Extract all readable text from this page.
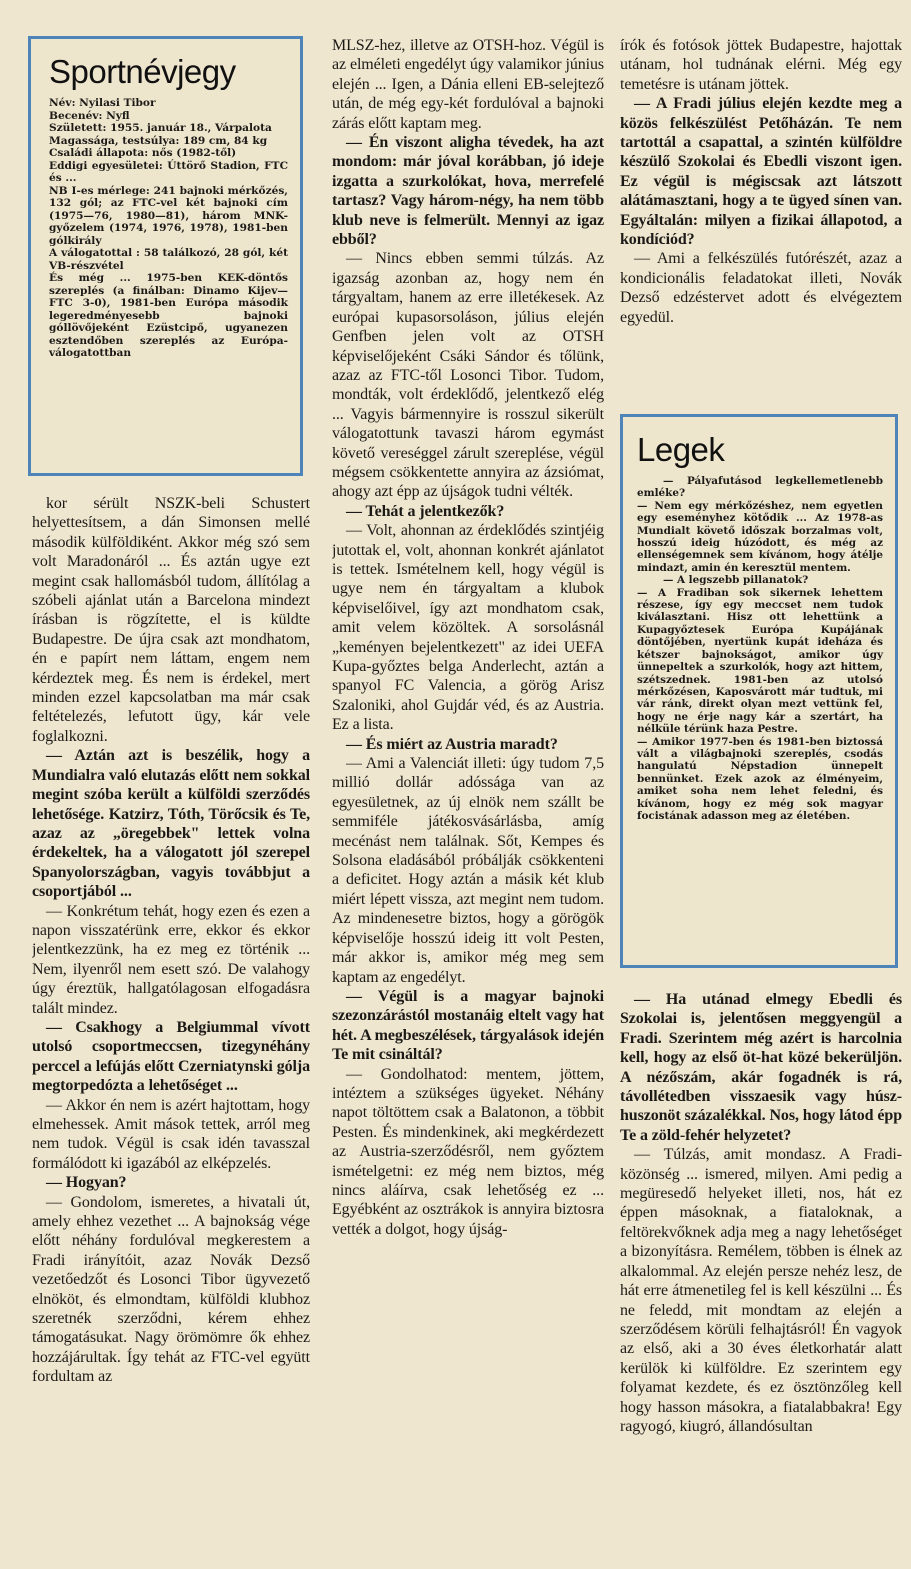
Sportnévjegy

Név: Nyilasi Tibor

Becenév: Nyfl

Született: 1955. január 18., Várpalota

Magassága, testsúlya: 189 cm, 84 kg

Családi állapota: nős (1982-től)

Eddigi egyesületei: Úttörő Stadion, FTC és ...

NB I-es mérlege: 241 bajnoki mérkőzés, 132 gól; az FTC-vel két bajnoki cím (1975—76, 1980—81), három MNK-győzelem (1974, 1976, 1978), 1981-ben gólkirály

A válogatottal : 58 találkozó, 28 gól, két VB-részvétel

És még ... 1975-ben KEK-döntős szereplés (a finálban: Dinamo Kijev—FTC 3-0), 1981-ben Európa második legeredményesebb bajnoki góllövőjeként Ezüstcipő, ugyanezen esztendőben szereplés az Európa-válogatottban

kor sérült NSZK-beli Schustert helyettesítsem, a dán Simonsen mellé második külföldiként. Akkor még szó sem volt Maradonáról ... És aztán ugye ezt megint csak hallomásból tudom, állítólag a szóbeli ajánlat után a Barcelona mindezt írásban is rögzítette, el is küldte Budapestre. De újra csak azt mondhatom, én e papírt nem láttam, engem nem kérdeztek meg. És nem is érdekel, mert minden ezzel kapcsolatban ma már csak feltételezés, lefutott ügy, kár vele foglalkozni.

— Aztán azt is beszélik, hogy a Mundialra való elutazás előtt nem sokkal megint szóba került a külföldi szerződés lehetősége. Katzirz, Tóth, Törőcsik és Te, azaz az „öregebbek" lettek volna érdekeltek, ha a válogatott jól szerepel Spanyolországban, vagyis továbbjut a csoportjából ...

— Konkrétum tehát, hogy ezen és ezen a napon visszatérünk erre, ekkor és ekkor jelentkezzünk, ha ez meg ez történik ... Nem, ilyenről nem esett szó. De valahogy úgy éreztük, hallgatólagosan elfogadásra talált mindez.

— Csakhogy a Belgiummal vívott utolsó csoportmeccsen, tizegynéhány perccel a lefújás előtt Czerniatynski gólja megtorpedózta a lehetőséget ...

— Akkor én nem is azért hajtottam, hogy elmehessek. Amit mások tettek, arról meg nem tudok. Végül is csak idén tavasszal formálódott ki igazából az elképzelés.

— Hogyan?

— Gondolom, ismeretes, a hivatali út, amely ehhez vezethet ... A bajnokság vége előtt néhány fordulóval megkerestem a Fradi irányítóit, azaz Novák Dezső vezetőedzőt és Losonci Tibor ügyvezető elnököt, és elmondtam, külföldi klubhoz szeretnék szerződni, kérem ehhez támogatásukat. Nagy örömömre ők ehhez hozzájárultak. Így tehát az FTC-vel együtt fordultam az

MLSZ-hez, illetve az OTSH-hoz. Végül is az elméleti engedélyt úgy valamikor június elején ... Igen, a Dánia elleni EB-selejtező után, de még egy-két fordulóval a bajnoki zárás előtt kaptam meg.

— Én viszont aligha tévedek, ha azt mondom: már jóval korábban, jó ideje izgatta a szurkolókat, hova, merrefelé tartasz? Vagy három-négy, ha nem több klub neve is felmerült. Mennyi az igaz ebből?

— Nincs ebben semmi túlzás. Az igazság azonban az, hogy nem én tárgyaltam, hanem az erre illetékesek. Az európai kupasorsoláson, július elején Genfben jelen volt az OTSH képviselőjeként Csáki Sándor és tőlünk, azaz az FTC-től Losonci Tibor. Tudom, mondták, volt érdeklődő, jelentkező elég ... Vagyis bármennyire is rosszul sikerült válogatottunk tavaszi három egymást követő vereséggel zárult szereplése, végül mégsem csökkentette annyira az ázsiómat, ahogy azt épp az újságok tudni vélték.

— Tehát a jelentkezők?

— Volt, ahonnan az érdeklődés szintjéig jutottak el, volt, ahonnan konkrét ajánlatot is tettek. Ismételnem kell, hogy végül is ugye nem én tárgyaltam a klubok képviselőivel, így azt mondhatom csak, amit velem közöltek. A sorsolásnál „keményen bejelentkezett" az idei UEFA Kupa-győztes belga Anderlecht, aztán a spanyol FC Valencia, a görög Arisz Szaloniki, ahol Gujdár véd, és az Austria. Ez a lista.

— És miért az Austria maradt?

— Ami a Valenciát illeti: úgy tudom 7,5 millió dollár adóssága van az egyesületnek, az új elnök nem szállt be semmiféle játékosvásárlásba, amíg mecénást nem találnak. Sőt, Kempes és Solsona eladásából próbálják csökkenteni a deficitet. Hogy aztán a másik két klub miért lépett vissza, azt megint nem tudom. Az mindenesetre biztos, hogy a görögök képviselője hosszú ideig itt volt Pesten, már akkor is, amikor még meg sem kaptam az engedélyt.

— Végül is a magyar bajnoki szezonzárástól mostanáig eltelt vagy hat hét. A megbeszélések, tárgyalások idején Te mit csináltál?

— Gondolhatod: mentem, jöttem, intéztem a szükséges ügyeket. Néhány napot töltöttem csak a Balatonon, a többit Pesten. És mindenkinek, aki megkérdezett az Austria-szerződésről, nem győztem ismételgetni: ez még nem biztos, még nincs aláírva, csak lehetőség ez ... Egyébként az osztrákok is annyira biztosra vették a dolgot, hogy újság-

írók és fotósok jöttek Budapestre, hajottak utánam, hol tudnának elérni. Még egy temetésre is utánam jöttek.

— A Fradi július elején kezdte meg a közös felkészülést Petőházán. Te nem tartottál a csapattal, a szintén külföldre készülő Szokolai és Ebedli viszont igen. Ez végül is mégiscsak azt látszott alátámasztani, hogy a te ügyed sínen van. Egyáltalán: milyen a fizikai állapotod, a kondíciód?

— Ami a felkészülés futórészét, azaz a kondicionális feladatokat illeti, Novák Dezső edzéstervet adott és elvégeztem egyedül.

Legek

— Pályafutásod legkellemetlenebb emléke?

— Nem egy mérkőzéshez, nem egyetlen egy eseményhez kötődik ... Az 1978-as Mundialt követő időszak borzalmas volt, hosszú ideig húzódott, és még az ellenségemnek sem kívánom, hogy átélje mindazt, amin én keresztül mentem.

— A legszebb pillanatok?

— A Fradiban sok sikernek lehettem részese, így egy meccset nem tudok kiválasztani. Hisz ott lehettünk a Kupagyőztesek Európa Kupájának döntőjében, nyertünk kupát ideháza és kétszer bajnokságot, amikor úgy ünnepeltek a szurkolók, hogy azt hittem, szétszednek. 1981-ben az utolsó mérkőzésen, Kaposvárott már tudtuk, mi vár ránk, direkt olyan mezt vettünk fel, hogy ne érje nagy kár a szertárt, ha nélküle térünk haza Pestre.

— Amikor 1977-ben és 1981-ben biztossá vált a világbajnoki szereplés, csodás hangulatú Népstadion ünnepelt bennünket. Ezek azok az élményeim, amiket soha nem lehet feledni, és kívánom, hogy ez még sok magyar focistának adasson meg az életében.

— Ha utánad elmegy Ebedli és Szokolai is, jelentősen meggyengül a Fradi. Szerintem még azért is harcolnia kell, hogy az első öt-hat közé bekerüljön. A nézőszám, akár fogadnék is rá, távollétedben visszaesik vagy húsz-huszonöt százalékkal. Nos, hogy látod épp Te a zöld-fehér helyzetet?

— Túlzás, amit mondasz. A Fradi-közönség ... ismered, milyen. Ami pedig a megüresedő helyeket illeti, nos, hát ez éppen másoknak, a fiataloknak, a feltörekvőknek adja meg a nagy lehetőséget a bizonyításra. Remélem, többen is élnek az alkalommal. Az elején persze nehéz lesz, de hát erre átmenetileg fel is kell készülni ... És ne feledd, mit mondtam az elején a szerződésem körüli felhajtásról! Én vagyok az első, aki a 30 éves életkorhatár alatt kerülök ki külföldre. Ez szerintem egy folyamat kezdete, és ez ösztönzőleg kell hogy hasson másokra, a fiatalabbakra! Egy ragyogó, kiugró, állandósultan
